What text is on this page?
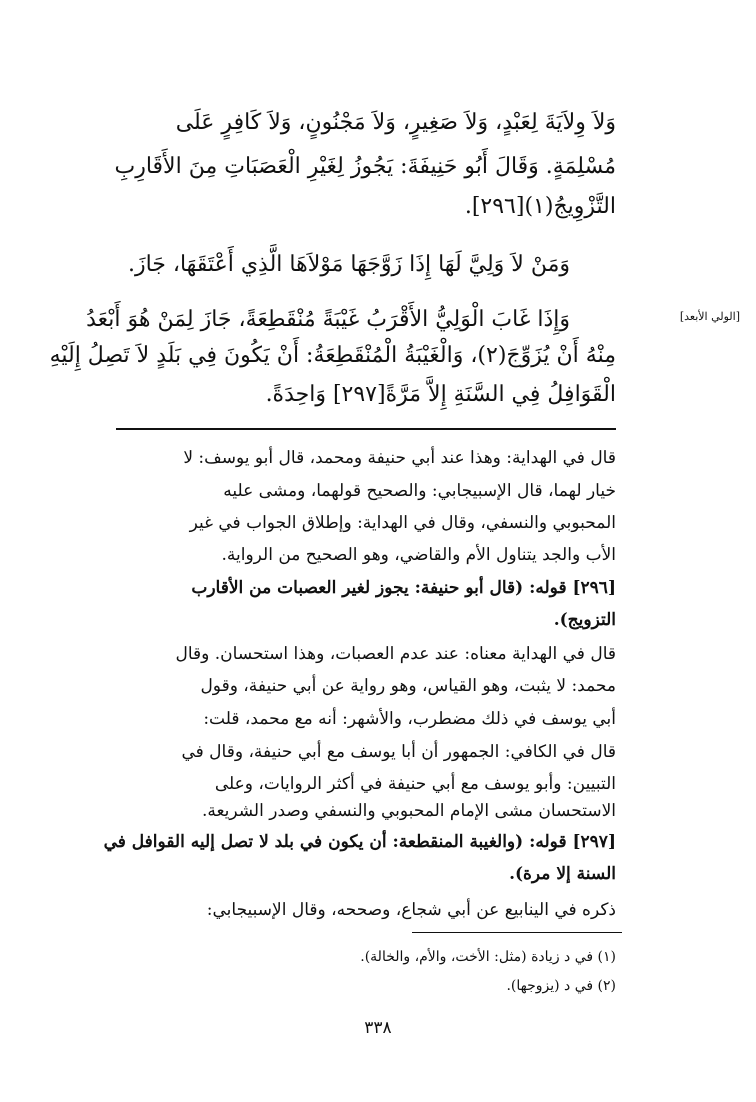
[الولي الأبعد]
وَلاَ وِلاَيَةَ لِعَبْدٍ، وَلاَ صَغِيرٍ، وَلاَ مَجْنُونٍ، وَلاَ كَافِرٍ عَلَى
مُسْلِمَةٍ. وَقَالَ أَبُو حَنِيفَةَ: يَجُوزُ لِغَيْرِ الْعَصَبَاتِ مِنَ الأَقَارِبِ
التَّزْوِيجُ(١)[٢٩٦].
وَمَنْ لاَ وَلِيَّ لَهَا إِذَا زَوَّجَهَا مَوْلاَهَا الَّذِي أَعْتَقَهَا، جَازَ.
وَإِذَا غَابَ الْوَلِيُّ الأَقْرَبُ غَيْبَةً مُنْقَطِعَةً، جَازَ لِمَنْ هُوَ أَبْعَدُ
مِنْهُ أَنْ يُزَوِّجَ(٢)، وَالْغَيْبَةُ الْمُنْقَطِعَةُ: أَنْ يَكُونَ فِي بَلَدٍ لاَ تَصِلُ إِلَيْهِ
الْقَوَافِلُ فِي السَّنَةِ إِلاَّ مَرَّةً[٢٩٧] وَاحِدَةً.
قال في الهداية: وهذا عند أبي حنيفة ومحمد، قال أبو يوسف: لا
خيار لهما، قال الإسبيجابي: والصحيح قولهما، ومشى عليه
المحبوبي والنسفي، وقال في الهداية: وإطلاق الجواب في غير
الأب والجد يتناول الأم والقاضي، وهو الصحيح من الرواية.
[٢٩٦] قوله: (قال أبو حنيفة: يجوز لغير العصبات من الأقارب
التزويج).
قال في الهداية معناه: عند عدم العصبات، وهذا استحسان. وقال
محمد: لا يثبت، وهو القياس، وهو رواية عن أبي حنيفة، وقول
أبي يوسف في ذلك مضطرب، والأشهر: أنه مع محمد، قلت:
قال في الكافي: الجمهور أن أبا يوسف مع أبي حنيفة، وقال في
التبيين: وأبو يوسف مع أبي حنيفة في أكثر الروايات، وعلى
الاستحسان مشى الإمام المحبوبي والنسفي وصدر الشريعة.
[٢٩٧] قوله: (والغيبة المنقطعة: أن يكون في بلد لا تصل إليه القوافل في
السنة إلا مرة).
ذكره في الينابيع عن أبي شجاع، وصححه، وقال الإسبيجابي:
(١) في د زيادة (مثل: الأخت، والأم، والخالة).
(٢) في د (يزوجها).
٣٣٨
